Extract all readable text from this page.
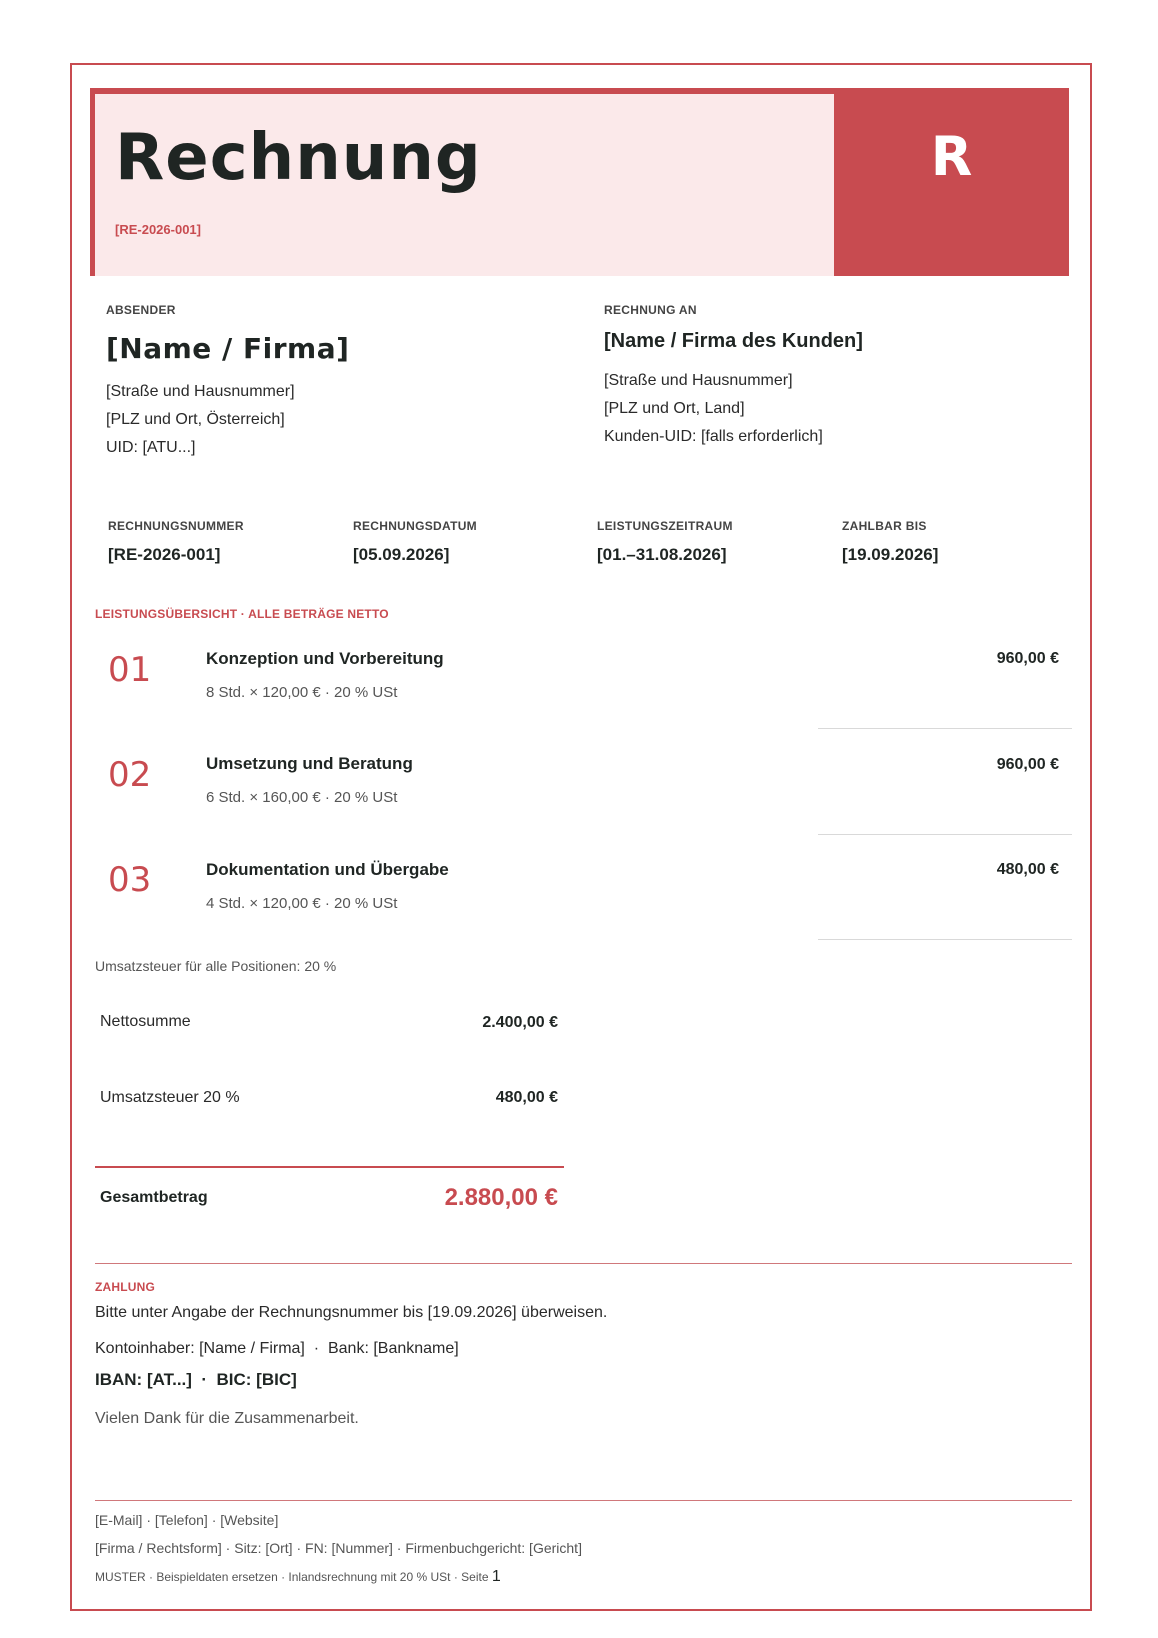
Rechnung	R
[RE-2026-001]
ABSENDER
[Name / Firma]
[Straße und Hausnummer]
[PLZ und Ort, Österreich]
UID: [ATU...]
RECHNUNG AN
[Name / Firma des Kunden]
[Straße und Hausnummer]
[PLZ und Ort, Land]
Kunden-UID: [falls erforderlich]
RECHNUNGSNUMMER
[RE-2026-001]
RECHNUNGSDATUM
[05.09.2026]
LEISTUNGSZEITRAUM
[01.–31.08.2026]
ZAHLBAR BIS
[19.09.2026]
LEISTUNGSÜBERSICHT · ALLE BETRÄGE NETTO
01	Konzeption und Vorbereitung
8 Std. × 120,00 € · 20 % USt
960,00 €
02	Umsetzung und Beratung
6 Std. × 160,00 € · 20 % USt
960,00 €
03	Dokumentation und Übergabe
4 Std. × 120,00 € · 20 % USt
480,00 €
Umsatzsteuer für alle Positionen: 20 %
Nettosumme	2.400,00 €
Umsatzsteuer 20 %	480,00 €
Gesamtbetrag	2.880,00 €
ZAHLUNG
Bitte unter Angabe der Rechnungsnummer bis [19.09.2026] überweisen.
Kontoinhaber: [Name / Firma]  ·  Bank: [Bankname]
IBAN: [AT...]  ·  BIC: [BIC]
Vielen Dank für die Zusammenarbeit.
[E-Mail] · [Telefon] · [Website]
[Firma / Rechtsform] · Sitz: [Ort] · FN: [Nummer] · Firmenbuchgericht: [Gericht]
MUSTER · Beispieldaten ersetzen · Inlandsrechnung mit 20 % USt · Seite 1
